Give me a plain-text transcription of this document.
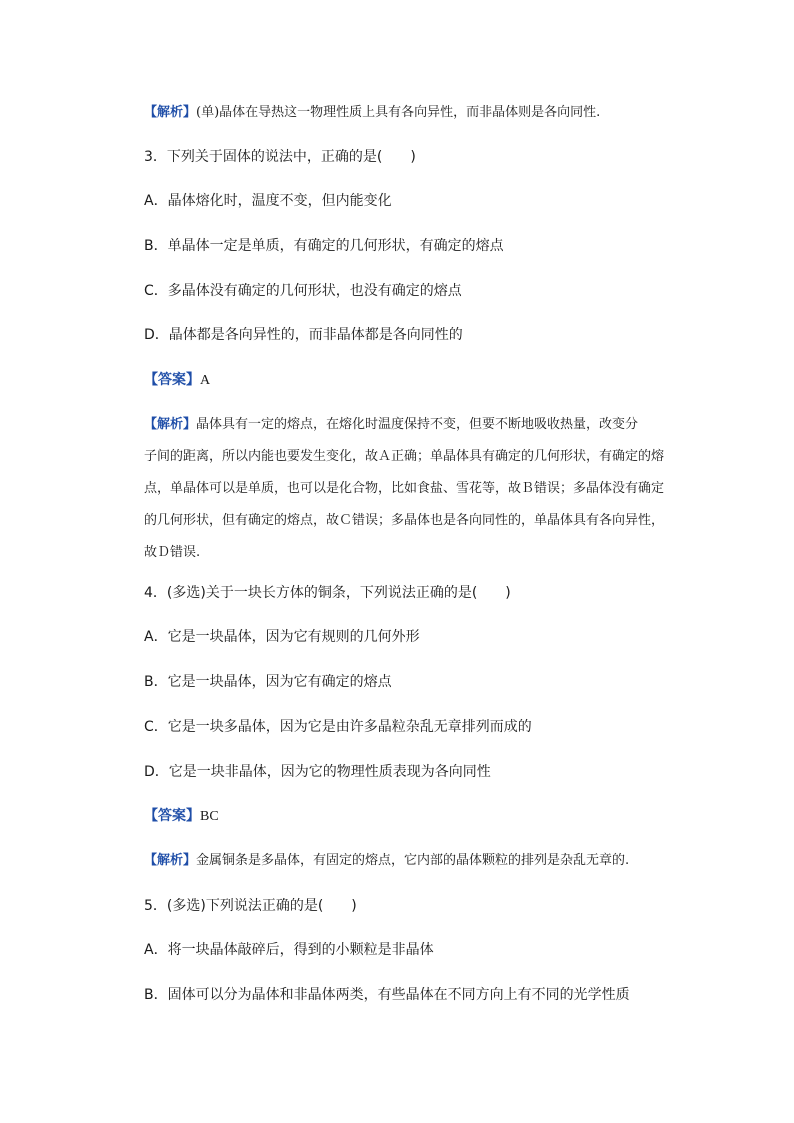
【解析】(单)晶体在导热这一物理性质上具有各向异性，而非晶体则是各向同性.
3．下列关于固体的说法中，正确的是(　　)
A．晶体熔化时，温度不变，但内能变化
B．单晶体一定是单质，有确定的几何形状，有确定的熔点
C．多晶体没有确定的几何形状，也没有确定的熔点
D．晶体都是各向异性的，而非晶体都是各向同性的
【答案】A
【解析】晶体具有一定的熔点，在熔化时温度保持不变，但要不断地吸收热量，改变分
子间的距离，所以内能也要发生变化，故Ａ正确；单晶体具有确定的几何形状，有确定的熔
点，单晶体可以是单质，也可以是化合物，比如食盐、雪花等，故Ｂ错误；多晶体没有确定
的几何形状，但有确定的熔点，故Ｃ错误；多晶体也是各向同性的，单晶体具有各向异性，
故Ｄ错误.
4．(多选)关于一块长方体的铜条，下列说法正确的是(　　)
A．它是一块晶体，因为它有规则的几何外形
B．它是一块晶体，因为它有确定的熔点
C．它是一块多晶体，因为它是由许多晶粒杂乱无章排列而成的
D．它是一块非晶体，因为它的物理性质表现为各向同性
【答案】BC
【解析】金属铜条是多晶体，有固定的熔点，它内部的晶体颗粒的排列是杂乱无章的.
5．(多选)下列说法正确的是(　　)
A．将一块晶体敲碎后，得到的小颗粒是非晶体
B．固体可以分为晶体和非晶体两类，有些晶体在不同方向上有不同的光学性质
